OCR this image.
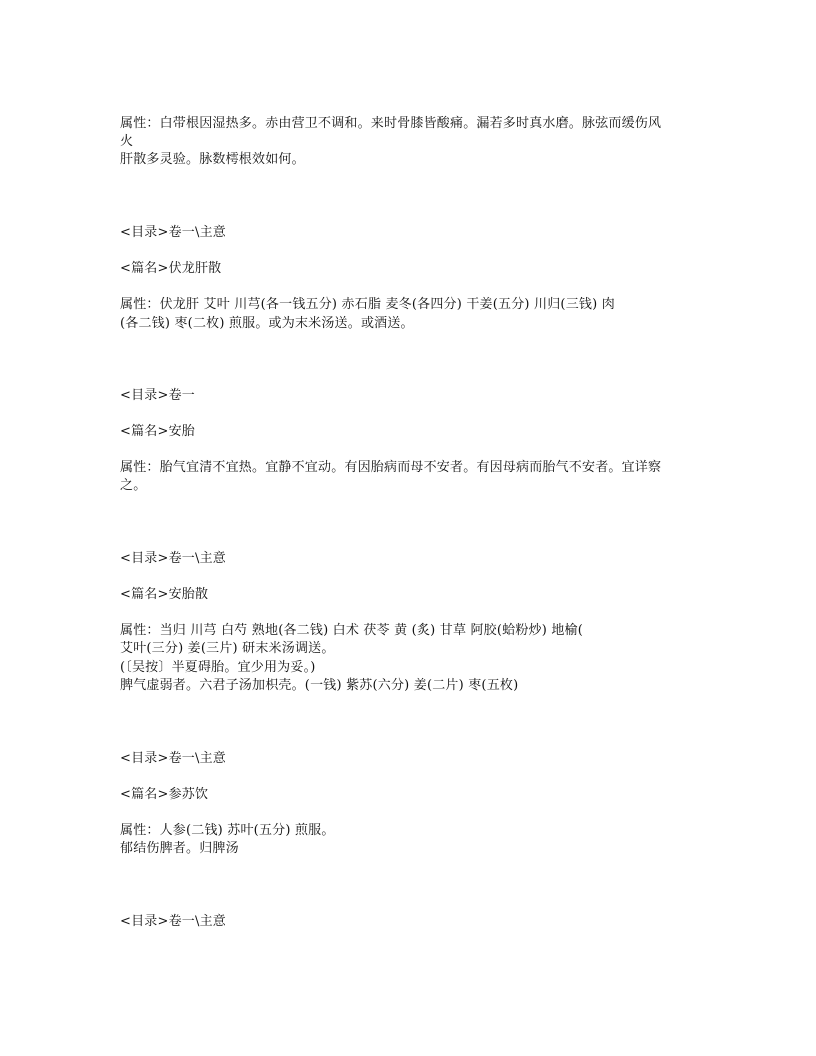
属性：白带根因湿热多。赤由营卫不调和。来时骨膝皆酸痛。漏若多时真水磨。脉弦而缓伤风
火
肝散多灵验。脉数樗根效如何。
<目录>卷一\主意
<篇名>伏龙肝散
属性：伏龙肝 艾叶 川芎(各一钱五分) 赤石脂 麦冬(各四分) 干姜(五分) 川归(三钱) 肉
(各二钱) 枣(二枚) 煎服。或为末米汤送。或酒送。
<目录>卷一
<篇名>安胎
属性：胎气宜清不宜热。宜静不宜动。有因胎病而母不安者。有因母病而胎气不安者。宜详察
之。
<目录>卷一\主意
<篇名>安胎散
属性：当归 川芎 白芍 熟地(各二钱) 白术 茯苓 黄 (炙) 甘草 阿胶(蛤粉炒) 地榆(
艾叶(三分) 姜(三片) 研末米汤调送。
(〔吴按〕半夏碍胎。宜少用为妥。)
脾气虚弱者。六君子汤加枳壳。(一钱) 紫苏(六分) 姜(二片) 枣(五枚)
<目录>卷一\主意
<篇名>参苏饮
属性：人参(二钱) 苏叶(五分) 煎服。
郁结伤脾者。归脾汤
<目录>卷一\主意
